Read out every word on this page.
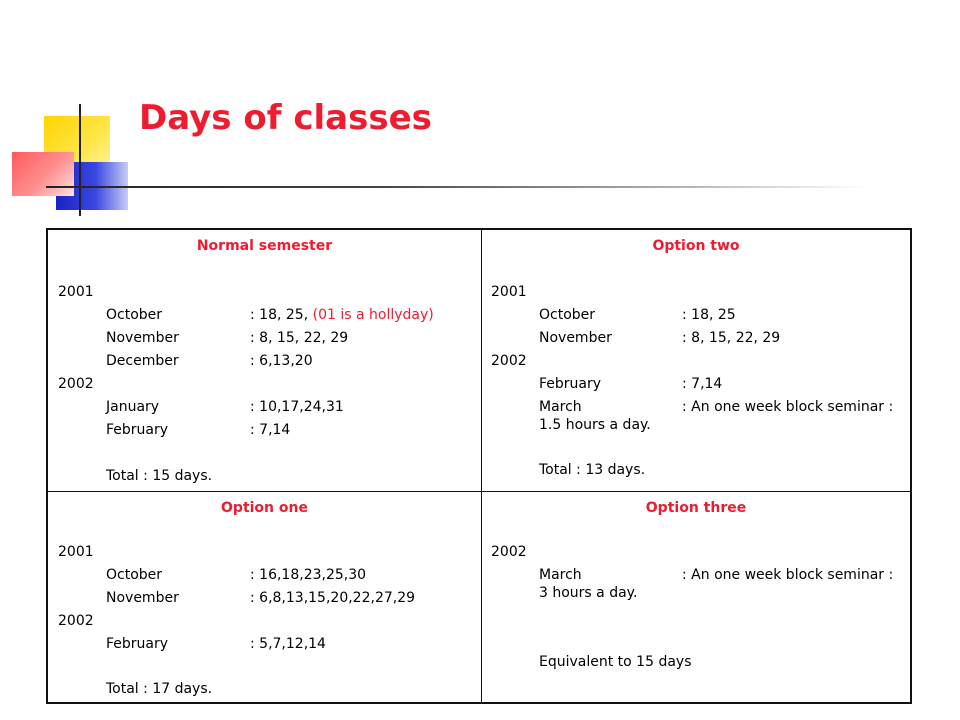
Days of classes
Normal semester
2001
October	: 18, 25, (01 is a hollyday)
November	: 8, 15, 22, 29
December	: 6,13,20
2002
January	: 10,17,24,31
February	: 7,14
Total : 15 days.
Option two
2001
October	: 18, 25
November	: 8, 15, 22, 29
2002
February	: 7,14
March	: An one week block seminar :
1.5 hours a day.
Total : 13 days.
Option one
2001
October	: 16,18,23,25,30
November	: 6,8,13,15,20,22,27,29
2002
February	: 5,7,12,14
Total : 17 days.
Option three
2002
March	: An one week block seminar :
3 hours a day.
Equivalent to 15 days
